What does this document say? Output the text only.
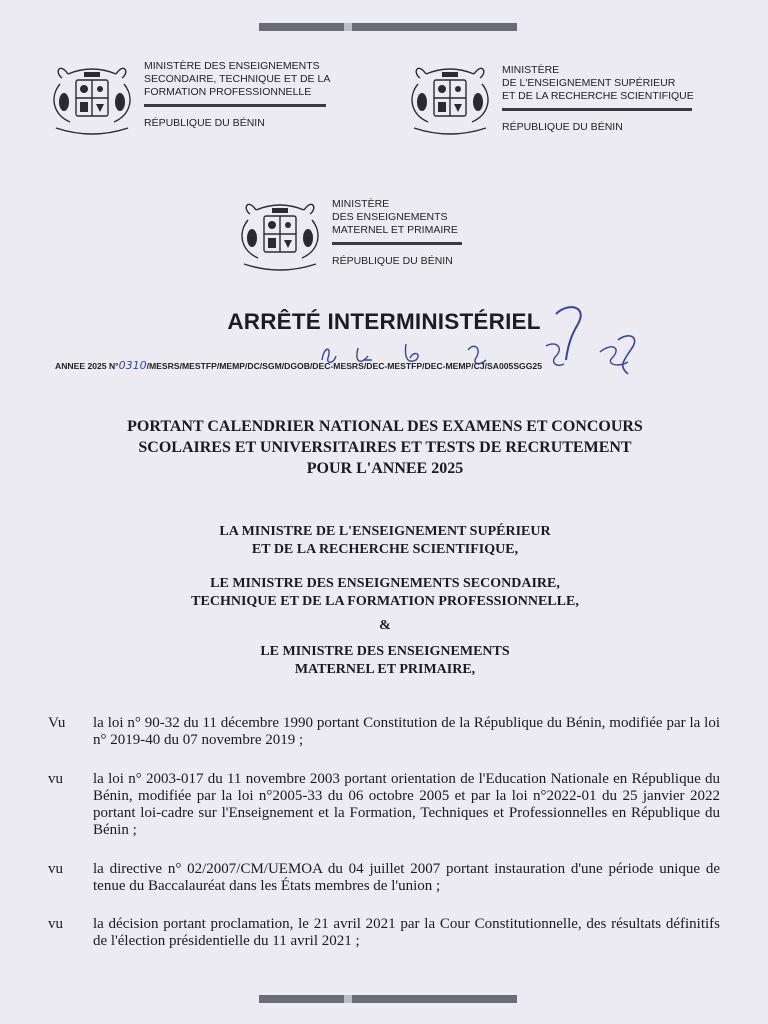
MINISTÈRE DES ENSEIGNEMENTS
SECONDAIRE, TECHNIQUE ET DE LA
FORMATION PROFESSIONNELLE
RÉPUBLIQUE DU BÉNIN
MINISTÈRE
DE L'ENSEIGNEMENT SUPÉRIEUR
ET DE LA RECHERCHE SCIENTIFIQUE
RÉPUBLIQUE DU BÉNIN
MINISTÈRE
DES ENSEIGNEMENTS
MATERNEL ET PRIMAIRE
RÉPUBLIQUE DU BÉNIN
ARRÊTÉ INTERMINISTÉRIEL
ANNEE 2025 N°0310/MESRS/MESTFP/MEMP/DC/SGM/DGOB/DEC-MESRS/DEC-MESTFP/DEC-MEMP/CJ/SA005SGG25
PORTANT CALENDRIER NATIONAL DES EXAMENS ET CONCOURS
SCOLAIRES ET UNIVERSITAIRES ET TESTS DE RECRUTEMENT
POUR L'ANNEE 2025
LA MINISTRE DE L'ENSEIGNEMENT SUPÉRIEUR
ET DE LA RECHERCHE SCIENTIFIQUE,
LE MINISTRE DES ENSEIGNEMENTS SECONDAIRE,
TECHNIQUE ET DE LA FORMATION PROFESSIONNELLE,
&
LE MINISTRE DES ENSEIGNEMENTS
MATERNEL ET PRIMAIRE,
Vu	la loi n° 90-32 du 11 décembre 1990 portant Constitution de la République du Bénin, modifiée par la loi n° 2019-40 du 07 novembre 2019 ;
vu	la loi n° 2003-017 du 11 novembre 2003 portant orientation de l'Education Nationale en République du Bénin, modifiée par la loi n°2005-33 du 06 octobre 2005 et par la loi n°2022-01 du 25 janvier 2022 portant loi-cadre sur l'Enseignement et la Formation, Techniques et Professionnelles en République du Bénin ;
vu	la directive n° 02/2007/CM/UEMOA du 04 juillet 2007 portant instauration d'une période unique de tenue du Baccalauréat dans les États membres de l'union ;
vu	la décision portant proclamation, le 21 avril 2021 par la Cour Constitutionnelle, des résultats définitifs de l'élection présidentielle du 11 avril 2021 ;
